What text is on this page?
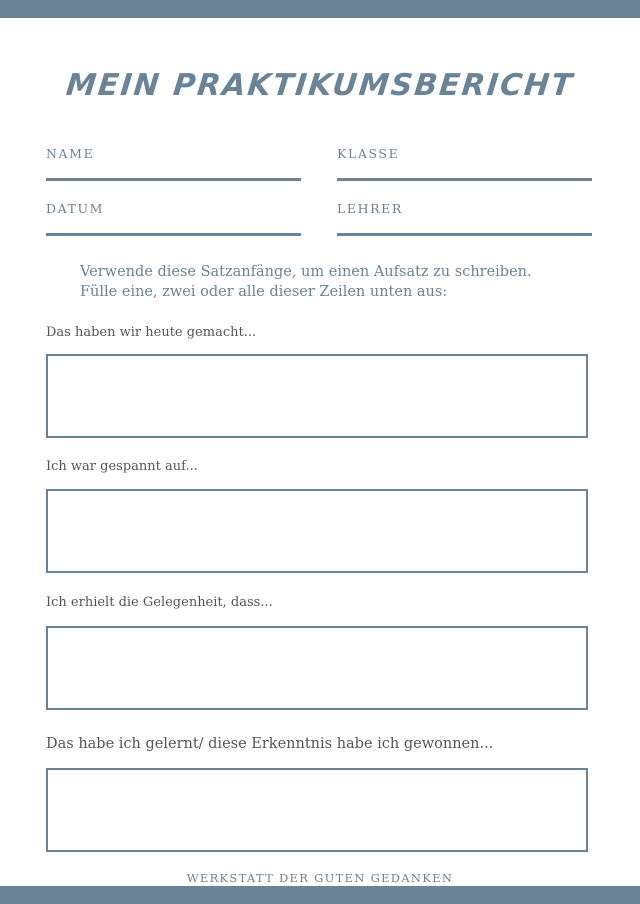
MEIN PRAKTIKUMSBERICHT
NAME	KLASSE
DATUM	LEHRER
Verwende diese Satzanfänge, um einen Aufsatz zu schreiben.
Fülle eine, zwei oder alle dieser Zeilen unten aus:
Das haben wir heute gemacht...
Ich war gespannt auf...
Ich erhielt die Gelegenheit, dass...
Das habe ich gelernt/ diese Erkenntnis habe ich gewonnen...
WERKSTATT DER GUTEN GEDANKEN
